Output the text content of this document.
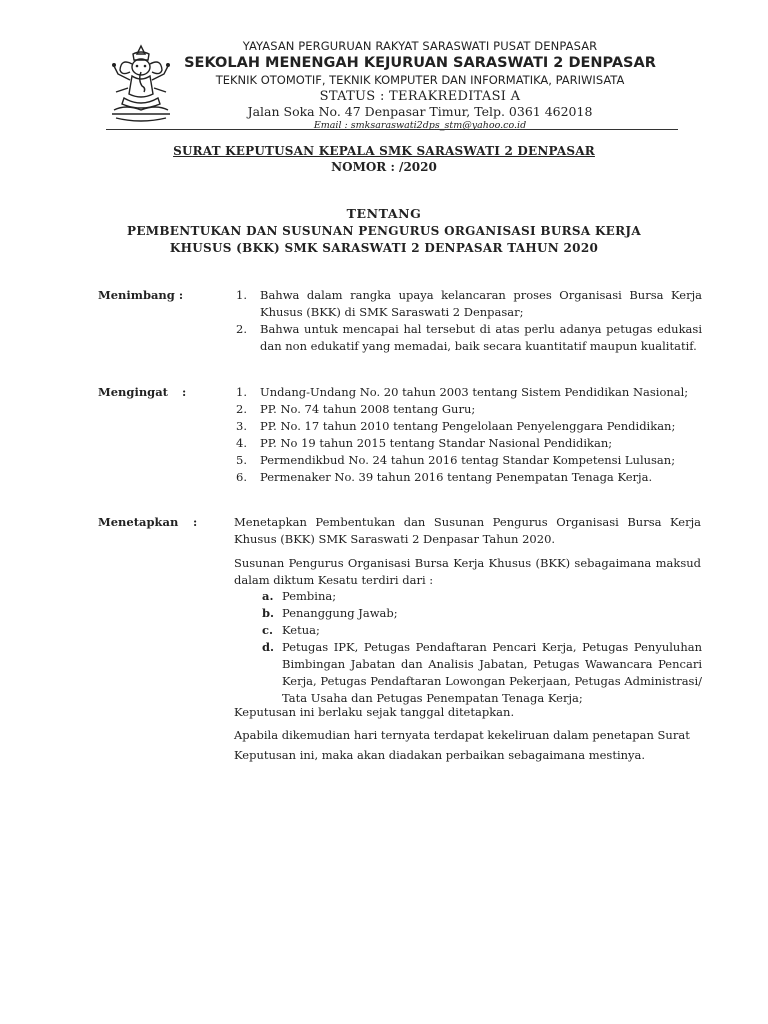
YAYASAN PERGURUAN RAKYAT SARASWATI PUSAT DENPASAR
SEKOLAH MENENGAH KEJURUAN SARASWATI 2 DENPASAR
TEKNIK OTOMOTIF, TEKNIK KOMPUTER DAN INFORMATIKA, PARIWISATA
STATUS : TERAKREDITASI A
Jalan Soka No. 47 Denpasar Timur, Telp. 0361 462018
Email : smksaraswati2dps_stm@yahoo.co.id
SURAT KEPUTUSAN KEPALA SMK SARASWATI 2 DENPASAR
NOMOR : /2020
TENTANG
PEMBENTUKAN DAN SUSUNAN PENGURUS ORGANISASI BURSA KERJA
KHUSUS (BKK) SMK SARASWATI 2 DENPASAR TAHUN 2020
Menimbang :	1.	Bahwa dalam rangka upaya kelancaran proses Organisasi Bursa Kerja Khusus (BKK) di SMK Saraswati 2 Denpasar;
2.	Bahwa untuk mencapai hal tersebut di atas perlu adanya petugas edukasi dan non edukatif yang memadai, baik secara kuantitatif maupun kualitatif.
Mengingat :	1.	Undang-Undang No. 20 tahun 2003 tentang Sistem Pendidikan Nasional;
2.	PP. No. 74 tahun 2008 tentang Guru;
3.	PP. No. 17 tahun 2010 tentang Pengelolaan Penyelenggara Pendidikan;
4.	PP. No 19 tahun 2015 tentang Standar Nasional Pendidikan;
5.	Permendikbud No. 24 tahun 2016 tentag Standar Kompetensi Lulusan;
6.	Permenaker No. 39 tahun 2016 tentang Penempatan Tenaga Kerja.
Menetapkan :	Menetapkan Pembentukan dan Susunan Pengurus Organisasi Bursa Kerja Khusus (BKK) SMK Saraswati 2 Denpasar Tahun 2020.
Susunan Pengurus Organisasi Bursa Kerja Khusus (BKK) sebagaimana maksud dalam diktum Kesatu terdiri dari :
a. Pembina;
b. Penanggung Jawab;
c. Ketua;
d. Petugas IPK, Petugas Pendaftaran Pencari Kerja, Petugas Penyuluhan Bimbingan Jabatan dan Analisis Jabatan, Petugas Wawancara Pencari Kerja, Petugas Pendaftaran Lowongan Pekerjaan, Petugas Administrasi/ Tata Usaha dan Petugas Penempatan Tenaga Kerja;
Keputusan ini berlaku sejak tanggal ditetapkan.
Apabila dikemudian hari ternyata terdapat kekeliruan dalam penetapan Surat
Keputusan ini, maka akan diadakan perbaikan sebagaimana mestinya.
